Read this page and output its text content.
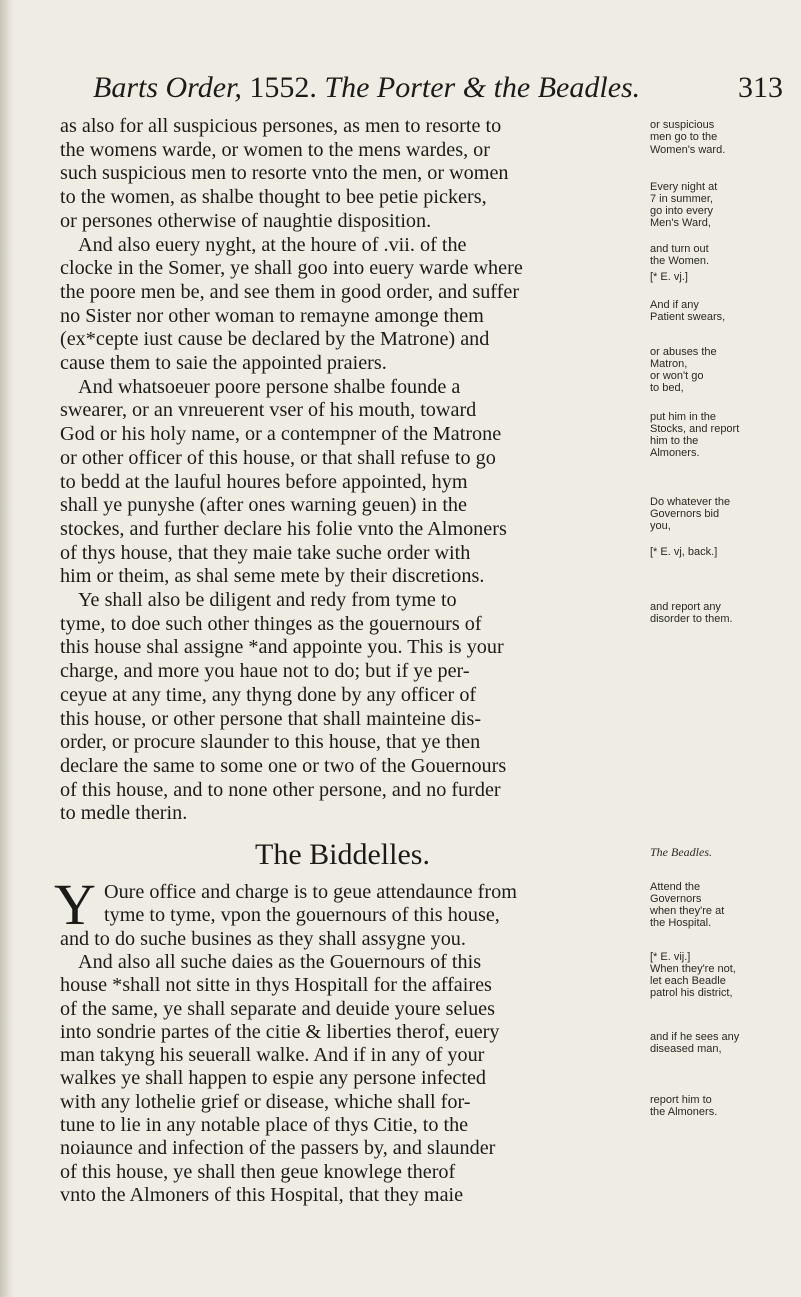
Barts Order, 1552. The Porter & the Beadles.	313
as also for all suspicious persones, as men to resorte to
the womens warde, or women to the mens wardes, or
such suspicious men to resorte vnto the men, or women
to the women, as shalbe thought to bee petie pickers,
or persones otherwise of naughtie disposition.
And also euery nyght, at the houre of .vii. of the
clocke in the Somer, ye shall goo into euery warde where
the poore men be, and see them in good order, and suffer
no Sister nor other woman to remayne amonge them
(ex*cepte iust cause be declared by the Matrone) and
cause them to saie the appointed praiers.
And whatsoeuer poore persone shalbe founde a
swearer, or an vnreuerent vser of his mouth, toward
God or his holy name, or a contempner of the Matrone
or other officer of this house, or that shall refuse to go
to bedd at the lauful houres before appointed, hym
shall ye punyshe (after ones warning geuen) in the
stockes, and further declare his folie vnto the Almoners
of thys house, that they maie take suche order with
him or theim, as shal seme mete by their discretions.
Ye shall also be diligent and redy from tyme to
tyme, to doe such other thinges as the gouernours of
this house shal assigne *and appointe you. This is your
charge, and more you haue not to do; but if ye per-
ceyue at any time, any thyng done by any officer of
this house, or other persone that shall mainteine dis-
order, or procure slaunder to this house, that ye then
declare the same to some one or two of the Gouernours
of this house, and to none other persone, and no furder
to medle therin.
The Biddelles.
Y Oure office and charge is to geue attendaunce from
tyme to tyme, vpon the gouernours of this house,
and to do suche busines as they shall assygne you.
And also all suche daies as the Gouernours of this
house *shall not sitte in thys Hospitall for the affaires
of the same, ye shall separate and deuide youre selues
into sondrie partes of the citie & liberties therof, euery
man takyng his seuerall walke. And if in any of your
walkes ye shall happen to espie any persone infected
with any lothelie grief or disease, whiche shall for-
tune to lie in any notable place of thys Citie, to the
noiaunce and infection of the passers by, and slaunder
of this house, ye shall then geue knowlege therof
vnto the Almoners of this Hospital, that they maie
or suspicious
men go to the
Women's ward.
Every night at
7 in summer,
go into every
Men's Ward,
and turn out
the Women.
[* E. vj.]
And if any
Patient swears,
or abuses the
Matron,
or won't go
to bed,
put him in the
Stocks, and report
him to the
Almoners.
Do whatever the
Governors bid
you,
[* E. vj, back.]
and report any
disorder to them.
The Beadles.
Attend the
Governors
when they're at
the Hospital.
[* E. vij.]
When they're not,
let each Beadle
patrol his district,
and if he sees any
diseased man,
report him to
the Almoners.
